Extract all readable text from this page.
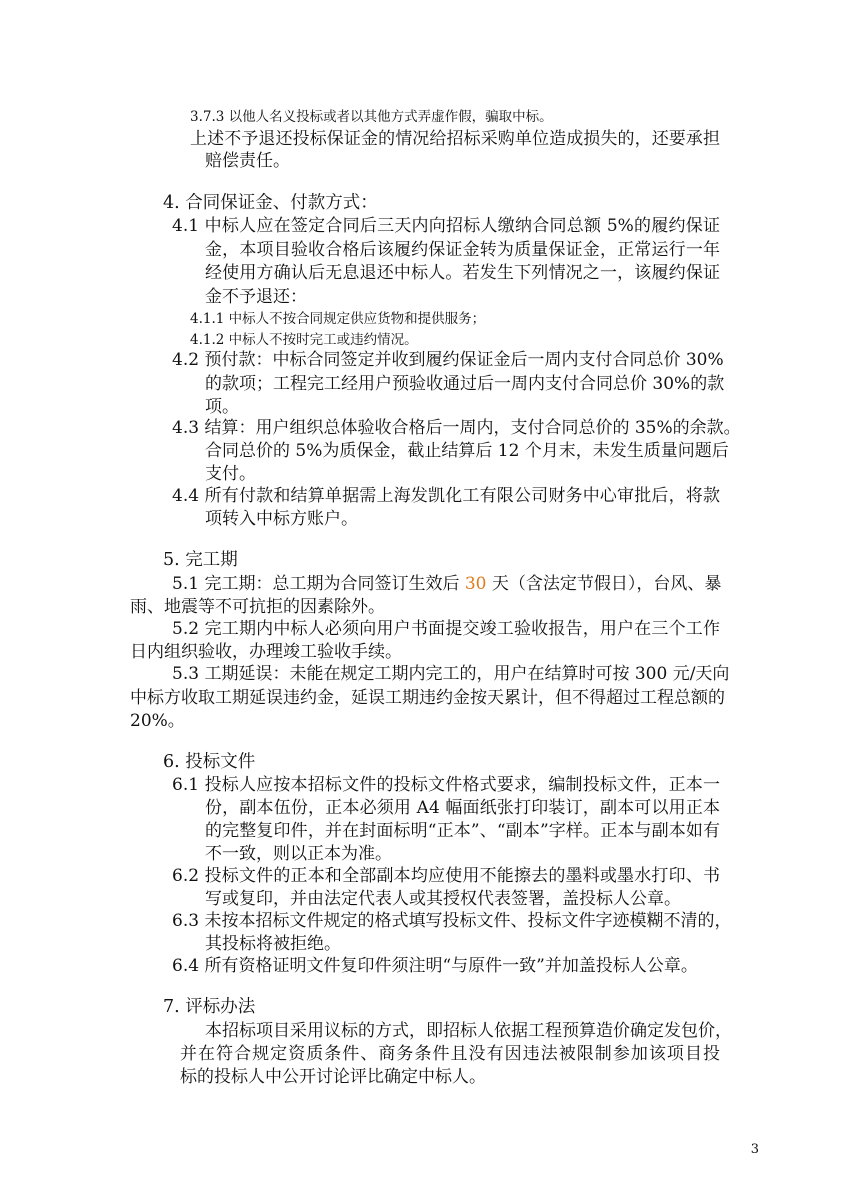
3.7.3 以他人名义投标或者以其他方式弄虚作假，骗取中标。
上述不予退还投标保证金的情况给招标采购单位造成损失的，还要承担
赔偿责任。
4. 合同保证金、付款方式：
4.1 中标人应在签定合同后三天内向招标人缴纳合同总额 5%的履约保证
金，本项目验收合格后该履约保证金转为质量保证金，正常运行一年
经使用方确认后无息退还中标人。若发生下列情况之一，该履约保证
金不予退还：
4.1.1 中标人不按合同规定供应货物和提供服务；
4.1.2 中标人不按时完工或违约情况。
4.2 预付款：中标合同签定并收到履约保证金后一周内支付合同总价 30%
的款项；工程完工经用户预验收通过后一周内支付合同总价 30%的款
项。
4.3 结算：用户组织总体验收合格后一周内，支付合同总价的 35%的余款。
合同总价的 5%为质保金，截止结算后 12 个月末，未发生质量问题后
支付。
4.4 所有付款和结算单据需上海发凯化工有限公司财务中心审批后，将款
项转入中标方账户。
5. 完工期
5.1 完工期：总工期为合同签订生效后 30 天（含法定节假日），台风、暴
雨、地震等不可抗拒的因素除外。
5.2 完工期内中标人必须向用户书面提交竣工验收报告，用户在三个工作
日内组织验收，办理竣工验收手续。
5.3 工期延误：未能在规定工期内完工的，用户在结算时可按 300 元/天向
中标方收取工期延误违约金，延误工期违约金按天累计，但不得超过工程总额的
20%。
6. 投标文件
6.1 投标人应按本招标文件的投标文件格式要求，编制投标文件，正本一
份，副本伍份，正本必须用 A4 幅面纸张打印装订，副本可以用正本
的完整复印件，并在封面标明“正本”、“副本”字样。正本与副本如有
不一致，则以正本为准。
6.2 投标文件的正本和全部副本均应使用不能擦去的墨料或墨水打印、书
写或复印，并由法定代表人或其授权代表签署，盖投标人公章。
6.3 未按本招标文件规定的格式填写投标文件、投标文件字迹模糊不清的，
其投标将被拒绝。
6.4 所有资格证明文件复印件须注明“与原件一致”并加盖投标人公章。
7. 评标办法
本招标项目采用议标的方式，即招标人依据工程预算造价确定发包价，
并在符合规定资质条件、商务条件且没有因违法被限制参加该项目投
标的投标人中公开讨论评比确定中标人。
3
